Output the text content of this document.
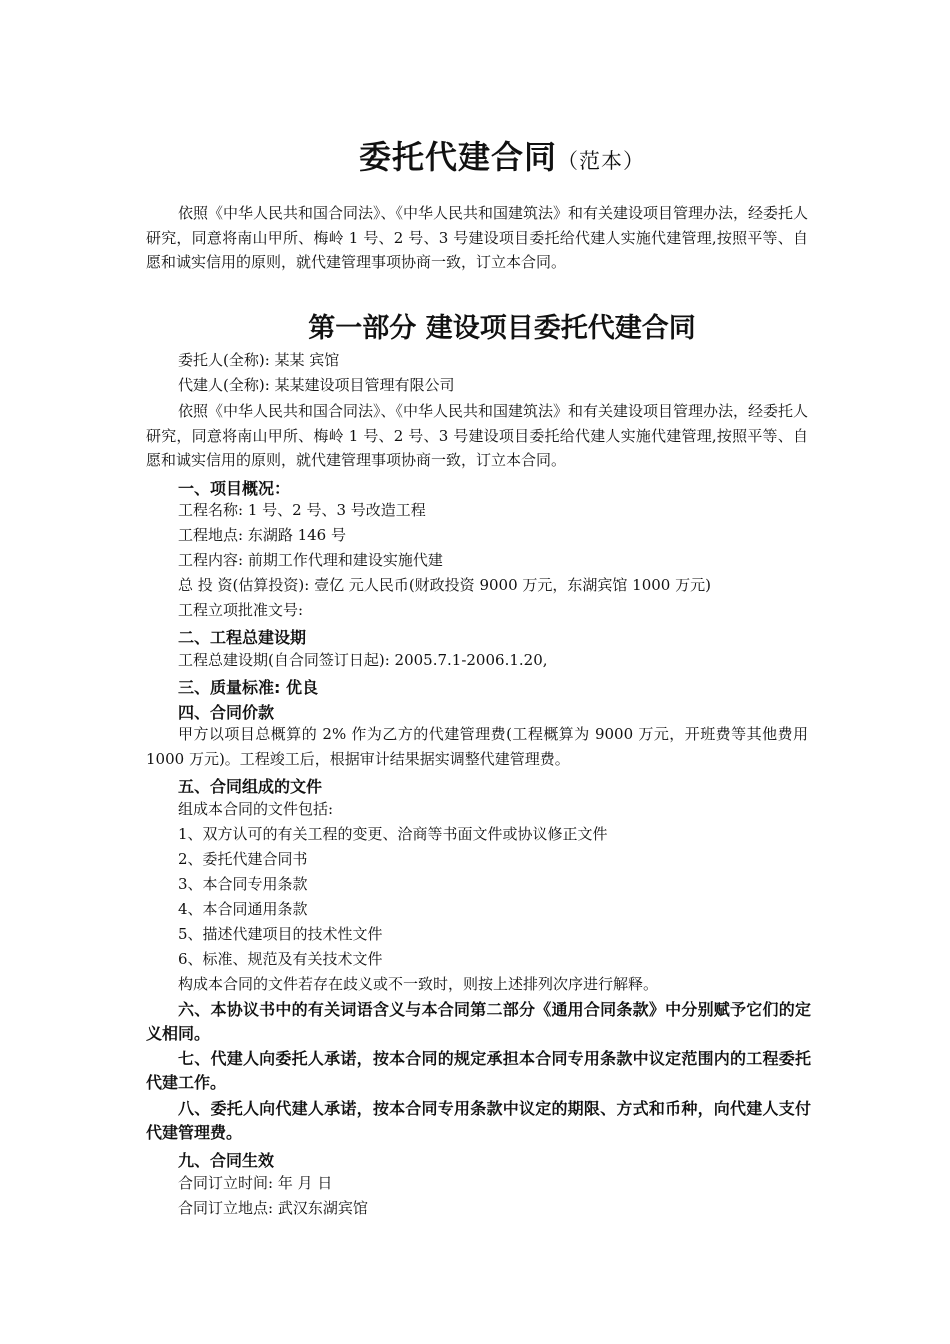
委托代建合同（范本）
依照《中华人民共和国合同法》、《中华人民共和国建筑法》和有关建设项目管理办法，经委托人研究，同意将南山甲所、梅岭 1 号、2 号、3 号建设项目委托给代建人实施代建管理,按照平等、自愿和诚实信用的原则，就代建管理事项协商一致，订立本合同。
第一部分 建设项目委托代建合同
委托人(全称): 某某 宾馆
代建人(全称): 某某建设项目管理有限公司
依照《中华人民共和国合同法》、《中华人民共和国建筑法》和有关建设项目管理办法，经委托人研究，同意将南山甲所、梅岭 1 号、2 号、3 号建设项目委托给代建人实施代建管理,按照平等、自愿和诚实信用的原则，就代建管理事项协商一致，订立本合同。
一、项目概况：
工程名称: 1 号、2 号、3 号改造工程
工程地点: 东湖路 146 号
工程内容: 前期工作代理和建设实施代建
总 投 资(估算投资): 壹亿 元人民币(财政投资 9000 万元，东湖宾馆 1000 万元)
工程立项批准文号:
二、工程总建设期
工程总建设期(自合同签订日起): 2005.7.1-2006.1.20,
三、质量标准: 优良
四、合同价款
甲方以项目总概算的 2% 作为乙方的代建管理费(工程概算为 9000 万元，开班费等其他费用 1000 万元)。工程竣工后，根据审计结果据实调整代建管理费。
五、合同组成的文件
组成本合同的文件包括:
1、双方认可的有关工程的变更、洽商等书面文件或协议修正文件
2、委托代建合同书
3、本合同专用条款
4、本合同通用条款
5、描述代建项目的技术性文件
6、标准、规范及有关技术文件
构成本合同的文件若存在歧义或不一致时，则按上述排列次序进行解释。
六、本协议书中的有关词语含义与本合同第二部分《通用合同条款》中分别赋予它们的定义相同。
七、代建人向委托人承诺，按本合同的规定承担本合同专用条款中议定范围内的工程委托代建工作。
八、委托人向代建人承诺，按本合同专用条款中议定的期限、方式和币种，向代建人支付代建管理费。
九、合同生效
合同订立时间: 年 月 日
合同订立地点: 武汉东湖宾馆
